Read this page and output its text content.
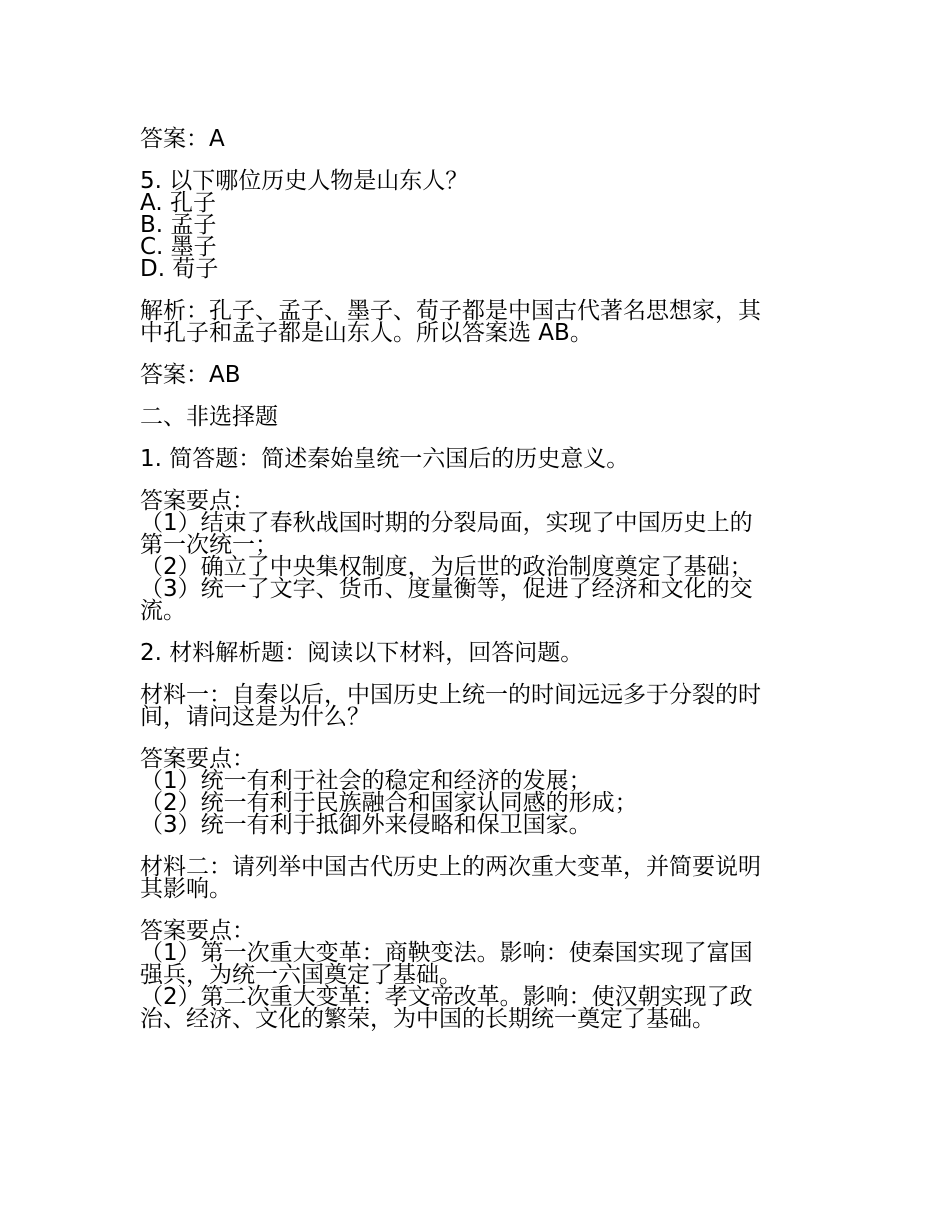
答案：A
5. 以下哪位历史人物是山东人？
A. 孔子
B. 孟子
C. 墨子
D. 荀子
解析：孔子、孟子、墨子、荀子都是中国古代著名思想家，其
中孔子和孟子都是山东人。所以答案选 AB。
答案：AB
二、非选择题
1. 简答题：简述秦始皇统一六国后的历史意义。
答案要点：
（1）结束了春秋战国时期的分裂局面，实现了中国历史上的
第一次统一；
（2）确立了中央集权制度，为后世的政治制度奠定了基础；
（3）统一了文字、货币、度量衡等，促进了经济和文化的交
流。
2. 材料解析题：阅读以下材料，回答问题。
材料一：自秦以后，中国历史上统一的时间远远多于分裂的时
间，请问这是为什么？
答案要点：
（1）统一有利于社会的稳定和经济的发展；
（2）统一有利于民族融合和国家认同感的形成；
（3）统一有利于抵御外来侵略和保卫国家。
材料二：请列举中国古代历史上的两次重大变革，并简要说明
其影响。
答案要点：
（1）第一次重大变革：商鞅变法。影响：使秦国实现了富国
强兵，为统一六国奠定了基础。
（2）第二次重大变革：孝文帝改革。影响：使汉朝实现了政
治、经济、文化的繁荣，为中国的长期统一奠定了基础。
